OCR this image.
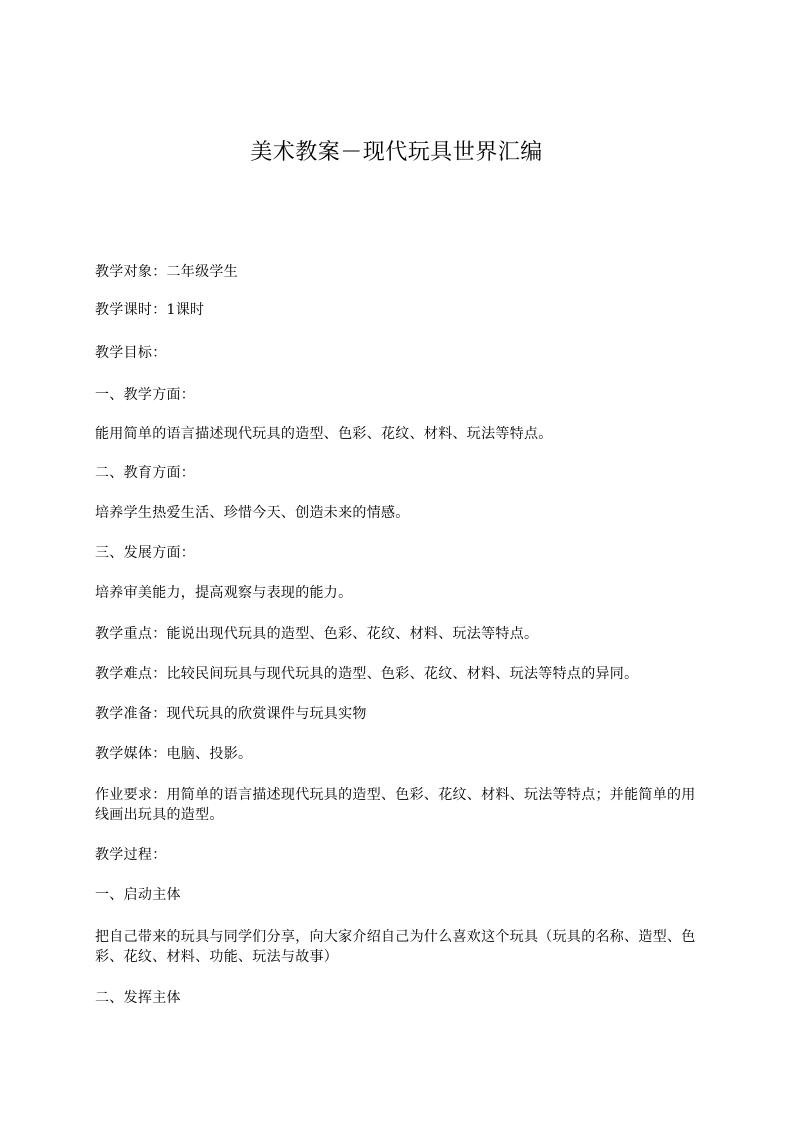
美术教案－现代玩具世界汇编
教学对象：二年级学生
教学课时：1课时
教学目标：
一、教学方面：
能用简单的语言描述现代玩具的造型、色彩、花纹、材料、玩法等特点。
二、教育方面：
培养学生热爱生活、珍惜今天、创造未来的情感。
三、发展方面：
培养审美能力，提高观察与表现的能力。
教学重点：能说出现代玩具的造型、色彩、花纹、材料、玩法等特点。
教学难点：比较民间玩具与现代玩具的造型、色彩、花纹、材料、玩法等特点的异同。
教学准备：现代玩具的欣赏课件与玩具实物
教学媒体：电脑、投影。
作业要求：用简单的语言描述现代玩具的造型、色彩、花纹、材料、玩法等特点；并能简单的用线画出玩具的造型。
教学过程：
一、启动主体
把自己带来的玩具与同学们分享，向大家介绍自己为什么喜欢这个玩具（玩具的名称、造型、色彩、花纹、材料、功能、玩法与故事）
二、发挥主体
